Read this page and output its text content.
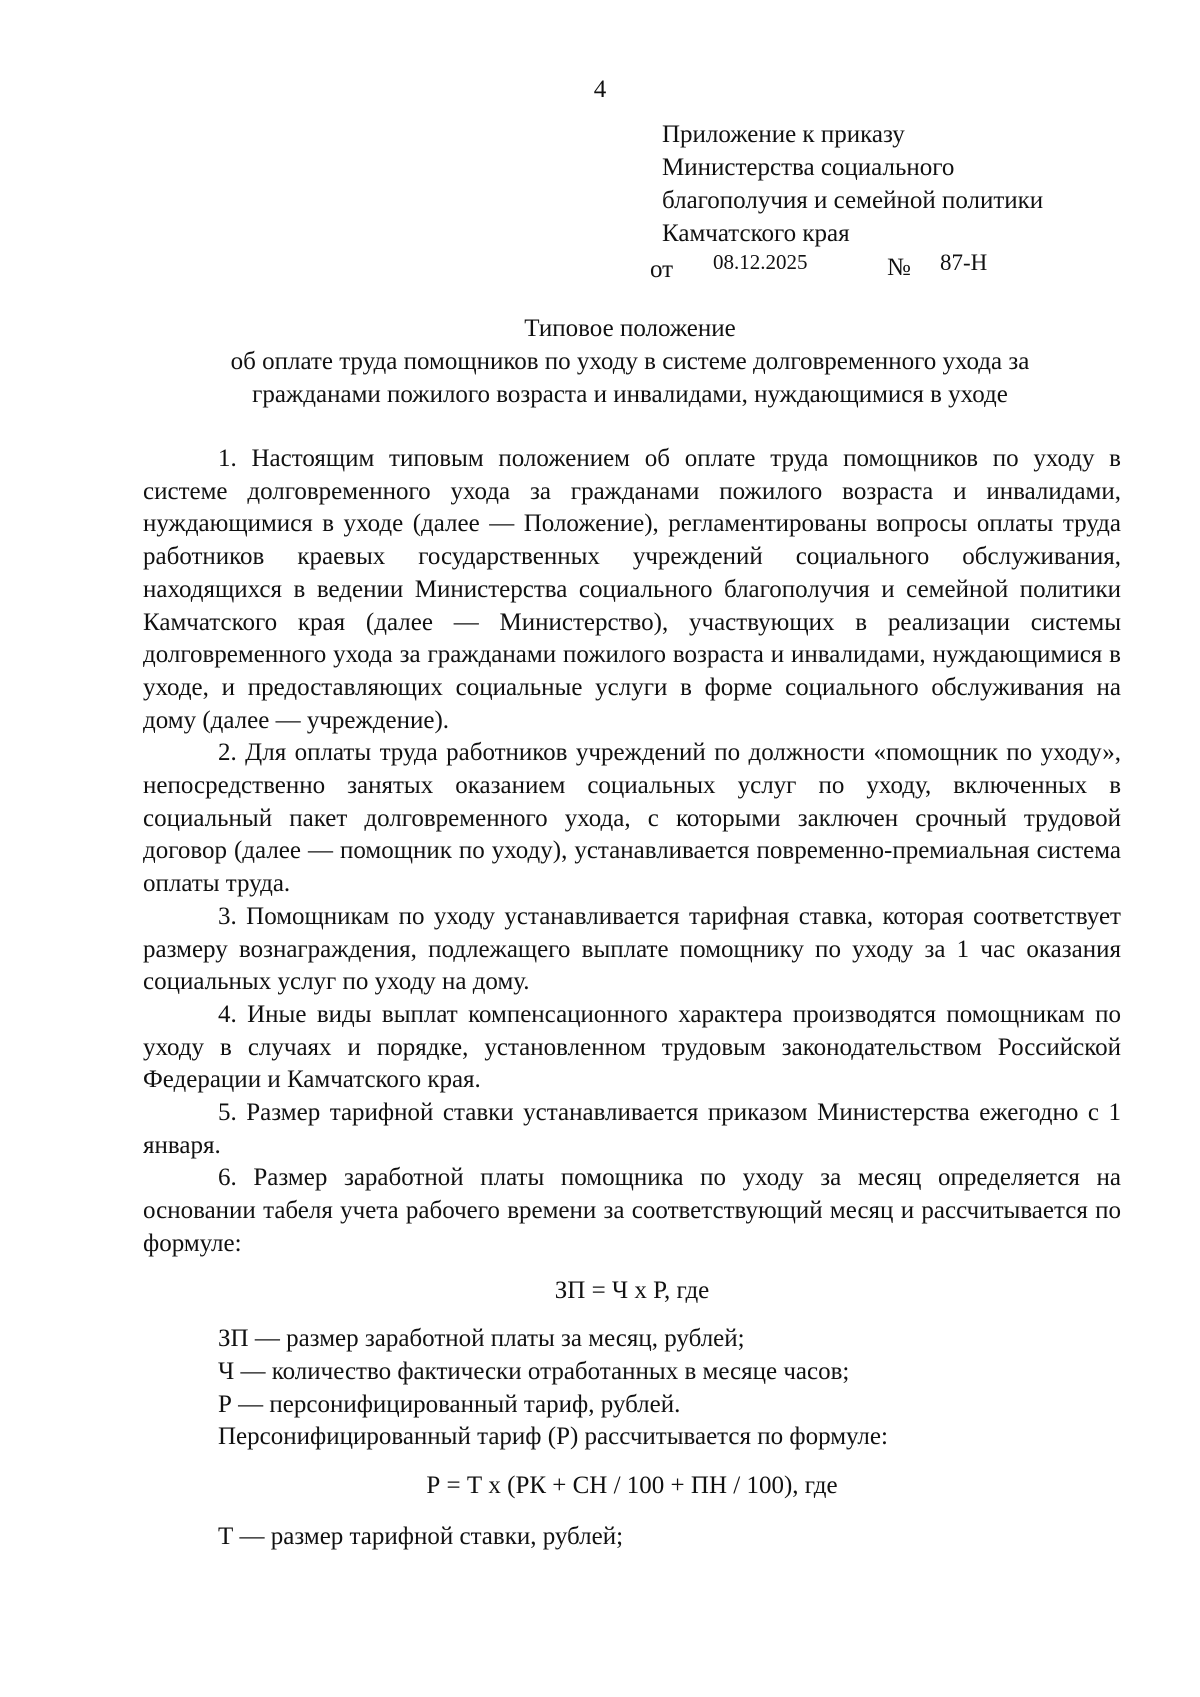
4
Приложение к приказу
Министерства социального
благополучия и семейной политики
Камчатского края
от 08.12.2025	№ 87-Н
Типовое положение
об оплате труда помощников по уходу в системе долговременного ухода за
гражданами пожилого возраста и инвалидами, нуждающимися в уходе

1. Настоящим типовым положением об оплате труда помощников по уходу в системе долговременного ухода за гражданами пожилого возраста и инвалидами, нуждающимися в уходе (далее — Положение), регламентированы вопросы оплаты труда работников краевых государственных учреждений социального обслуживания, находящихся в ведении Министерства социального благополучия и семейной политики Камчатского края (далее — Министерство), участвующих в реализации системы долговременного ухода за гражданами пожилого возраста и инвалидами, нуждающимися в уходе, и предоставляющих социальные услуги в форме социального обслуживания на дому (далее — учреждение).

2. Для оплаты труда работников учреждений по должности «помощник по уходу», непосредственно занятых оказанием социальных услуг по уходу, включенных в социальный пакет долговременного ухода, с которыми заключен срочный трудовой договор (далее — помощник по уходу), устанавливается повременно-премиальная система оплаты труда.

3. Помощникам по уходу устанавливается тарифная ставка, которая соответствует размеру вознаграждения, подлежащего выплате помощнику по уходу за 1 час оказания социальных услуг по уходу на дому.

4. Иные виды выплат компенсационного характера производятся помощникам по уходу в случаях и порядке, установленном трудовым законодательством Российской Федерации и Камчатского края.

5. Размер тарифной ставки устанавливается приказом Министерства ежегодно с 1 января.

6. Размер заработной платы помощника по уходу за месяц определяется на основании табеля учета рабочего времени за соответствующий месяц и рассчитывается по формуле:

ЗП = Ч х Р, где
ЗП — размер заработной платы за месяц, рублей;
Ч — количество фактически отработанных в месяце часов;
Р — персонифицированный тариф, рублей.
Персонифицированный тариф (Р) рассчитывается по формуле:
Р = Т х (РК + СН / 100 + ПН / 100), где
Т — размер тарифной ставки, рублей;
